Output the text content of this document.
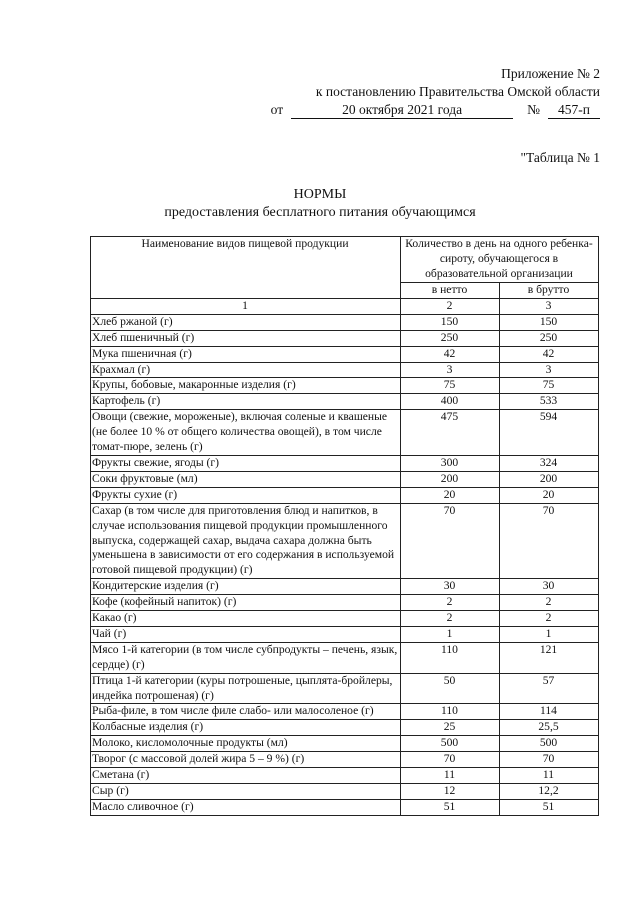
Приложение № 2
к постановлению Правительства Омской области
от	20 октября 2021 года	№ 457-п
"Таблица № 1
НОРМЫ
предоставления бесплатного питания обучающимся
Наименование видов пищевой продукции	Количество в день на одного ребенка-сироту, обучающегося в образовательной организации	
	в нетто	в брутто
1	2	3
Хлеб ржаной (г)	150	150
Хлеб пшеничный (г)	250	250
Мука пшеничная (г)	42	42
Крахмал (г)	3	3
Крупы, бобовые, макаронные изделия (г)	75	75
Картофель (г)	400	533
Овощи (свежие, мороженые), включая соленые и квашеные (не более 10 % от общего количества овощей), в том числе томат-пюре, зелень (г)	475	594
Фрукты свежие, ягоды (г)	300	324
Соки фруктовые (мл)	200	200
Фрукты сухие (г)	20	20
Сахар (в том числе для приготовления блюд и напитков, в случае использования пищевой продукции промышленного выпуска, содержащей сахар, выдача сахара должна быть уменьшена в зависимости от его содержания в используемой готовой пищевой продукции) (г)	70	70
Кондитерские изделия (г)	30	30
Кофе (кофейный напиток) (г)	2	2
Какао (г)	2	2
Чай (г)	1	1
Мясо 1-й категории (в том числе субпродукты – печень, язык, сердце) (г)	110	121
Птица 1-й категории (куры потрошеные, цыплята-бройлеры, индейка потрошеная) (г)	50	57
Рыба-филе, в том числе филе слабо- или малосоленое (г)	110	114
Колбасные изделия (г)	25	25,5
Молоко, кисломолочные продукты (мл)	500	500
Творог (с массовой долей жира 5 – 9 %) (г)	70	70
Сметана (г)	11	11
Сыр (г)	12	12,2
Масло сливочное (г)	51	51
